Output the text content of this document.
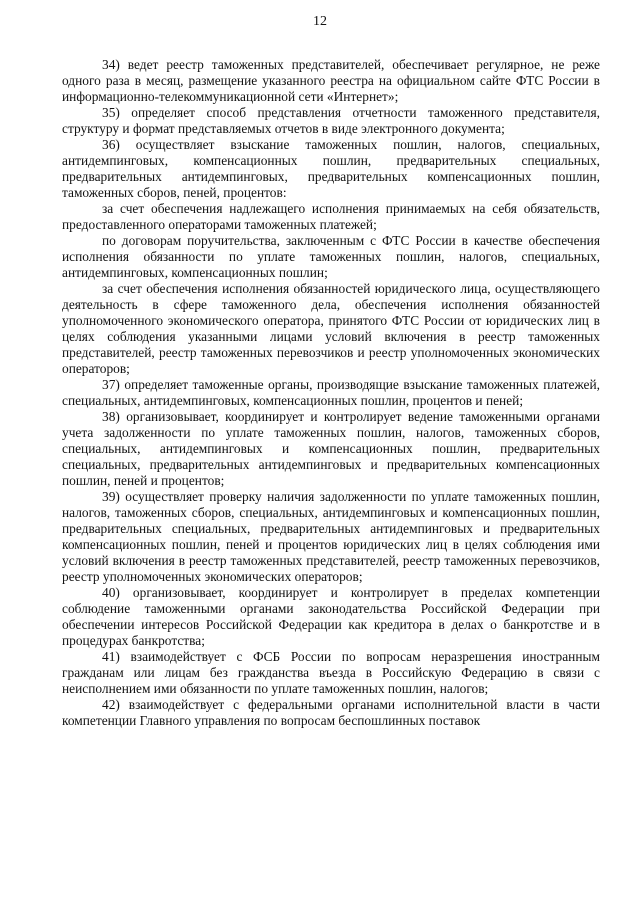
12

34) ведет реестр таможенных представителей, обеспечивает регулярное, не реже одного раза в месяц, размещение указанного реестра на официальном сайте ФТС России в информационно-телекоммуникационной сети «Интернет»;

35) определяет способ представления отчетности таможенного представителя, структуру и формат представляемых отчетов в виде электронного документа;

36) осуществляет взыскание таможенных пошлин, налогов, специальных, антидемпинговых, компенсационных пошлин, предварительных специальных, предварительных антидемпинговых, предварительных компенсационных пошлин, таможенных сборов, пеней, процентов:

за счет обеспечения надлежащего исполнения принимаемых на себя обязательств, предоставленного операторами таможенных платежей;

по договорам поручительства, заключенным с ФТС России в качестве обеспечения исполнения обязанности по уплате таможенных пошлин, налогов, специальных, антидемпинговых, компенсационных пошлин;

за счет обеспечения исполнения обязанностей юридического лица, осуществляющего деятельность в сфере таможенного дела, обеспечения исполнения обязанностей уполномоченного экономического оператора, принятого ФТС России от юридических лиц в целях соблюдения указанными лицами условий включения в реестр таможенных представителей, реестр таможенных перевозчиков и реестр уполномоченных экономических операторов;

37) определяет таможенные органы, производящие взыскание таможенных платежей, специальных, антидемпинговых, компенсационных пошлин, процентов и пеней;

38) организовывает, координирует и контролирует ведение таможенными органами учета задолженности по уплате таможенных пошлин, налогов, таможенных сборов, специальных, антидемпинговых и компенсационных пошлин, предварительных специальных, предварительных антидемпинговых и предварительных компенсационных пошлин, пеней и процентов;

39) осуществляет проверку наличия задолженности по уплате таможенных пошлин, налогов, таможенных сборов, специальных, антидемпинговых и компенсационных пошлин, предварительных специальных, предварительных антидемпинговых и предварительных компенсационных пошлин, пеней и процентов юридических лиц в целях соблюдения ими условий включения в реестр таможенных представителей, реестр таможенных перевозчиков, реестр уполномоченных экономических операторов;

40) организовывает, координирует и контролирует в пределах компетенции соблюдение таможенными органами законодательства Российской Федерации при обеспечении интересов Российской Федерации как кредитора в делах о банкротстве и в процедурах банкротства;

41) взаимодействует с ФСБ России по вопросам неразрешения иностранным гражданам или лицам без гражданства въезда в Российскую Федерацию в связи с неисполнением ими обязанности по уплате таможенных пошлин, налогов;

42) взаимодействует с федеральными органами исполнительной власти в части компетенции Главного управления по вопросам беспошлинных поставок
